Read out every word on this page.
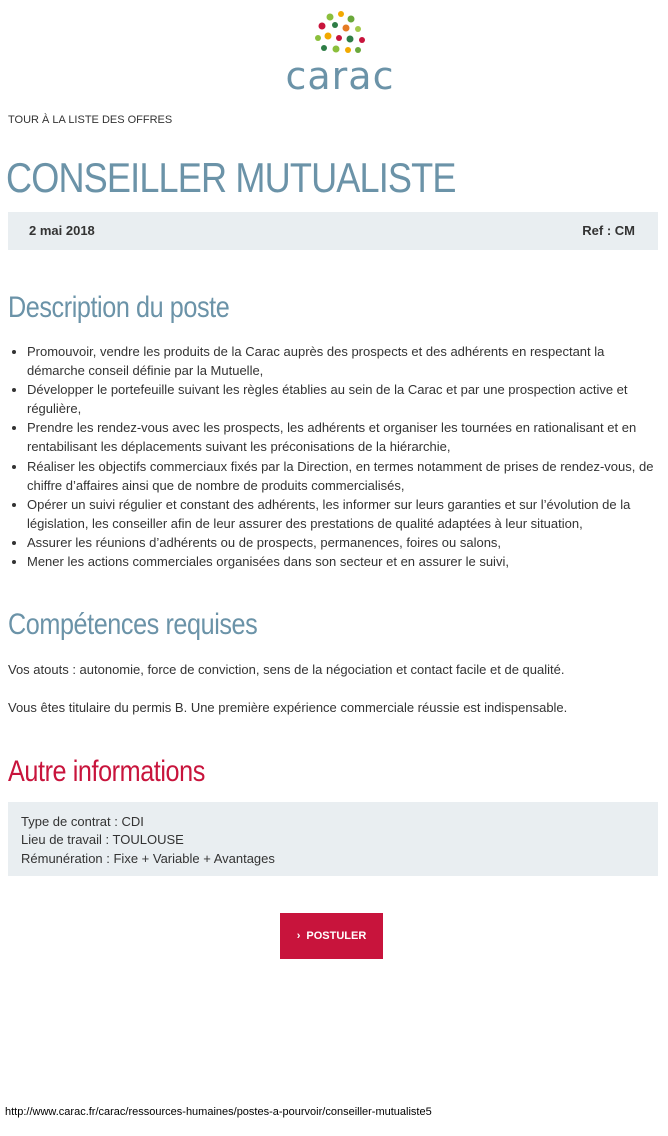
carac
TOUR À LA LISTE DES OFFRES
CONSEILLER MUTUALISTE
2 mai 2018	Ref : CM
Description du poste
Promouvoir, vendre les produits de la Carac auprès des prospects et des adhérents en respectant la démarche conseil définie par la Mutuelle,
Développer le portefeuille suivant les règles établies au sein de la Carac et par une prospection active et régulière,
Prendre les rendez-vous avec les prospects, les adhérents et organiser les tournées en rationalisant et en rentabilisant les déplacements suivant les préconisations de la hiérarchie,
Réaliser les objectifs commerciaux fixés par la Direction, en termes notamment de prises de rendez-vous, de chiffre d’affaires ainsi que de nombre de produits commercialisés,
Opérer un suivi régulier et constant des adhérents, les informer sur leurs garanties et sur l’évolution de la législation, les conseiller afin de leur assurer des prestations de qualité adaptées à leur situation,
Assurer les réunions d’adhérents ou de prospects, permanences, foires ou salons,
Mener les actions commerciales organisées dans son secteur et en assurer le suivi,
Compétences requises

Vos atouts : autonomie, force de conviction, sens de la négociation et contact facile et de qualité.

Vous êtes titulaire du permis B. Une première expérience commerciale réussie est indispensable.

Autre informations
Type de contrat : CDI
Lieu de travail : TOULOUSE
Rémunération : Fixe + Variable + Avantages
› POSTULER
http://www.carac.fr/carac/ressources-humaines/postes-a-pourvoir/conseiller-mutualiste5
